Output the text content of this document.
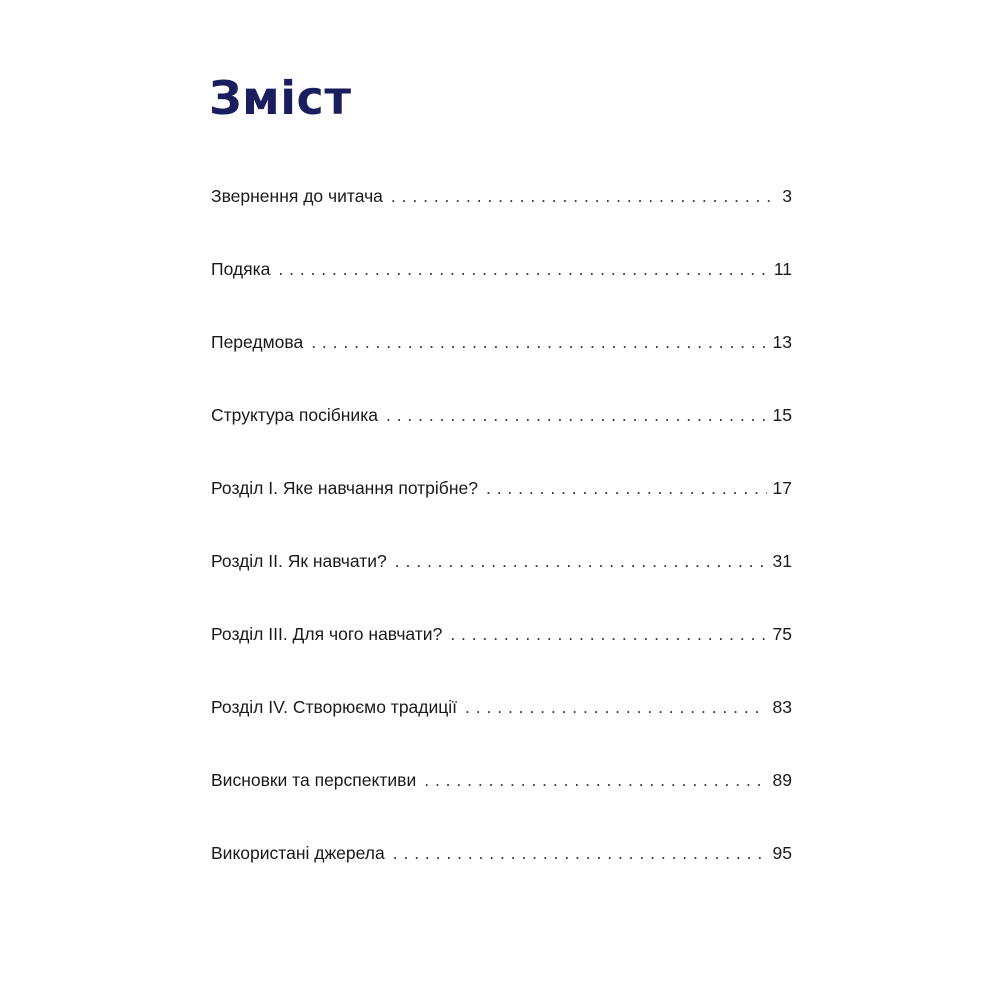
Зміст
Звернення до читача . . .	3
Подяка . . .	11
Передмова . . .	13
Структура посібника . . .	15
Розділ І. Яке навчання потрібне? . . .	17
Розділ ІІ. Як навчати? . . .	31
Розділ ІІІ. Для чого навчати? . . .	75
Розділ IV. Створюємо традиції . . .	83
Висновки та перспективи . . .	89
Використані джерела . . .	95
